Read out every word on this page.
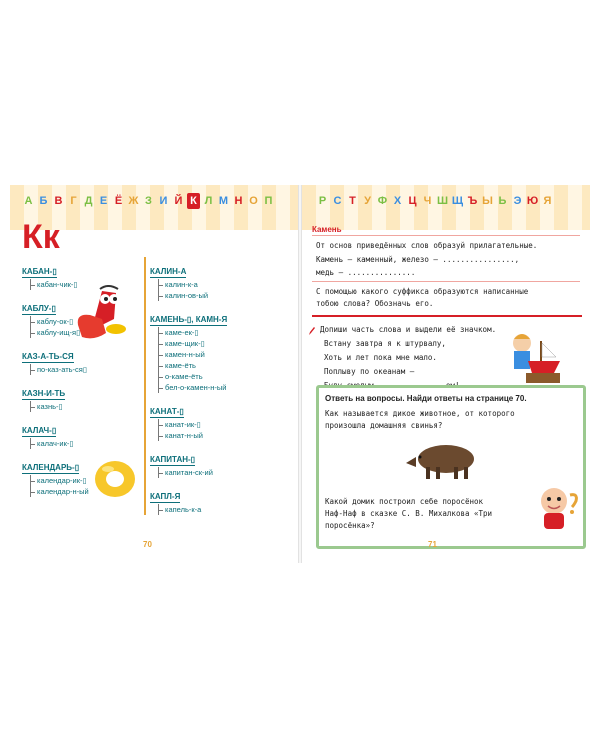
А Б В Г Д Е Ё Ж З И Й К Л М Н О П
Кк
КАБАН-▯
кабан-чик-▯
КАБЛУ-▯
каблу-ок-▯
каблу-ищ-я▯
КАЗ-А-ТЬ-СЯ
по-каз-ать-ся▯
КАЗН-И-ТЬ
казнь-▯
КАЛАЧ-▯
калач-ик-▯
КАЛЕНДАРЬ-▯
календар-ик-▯
календар-н-ый
КАЛИН-А
калин-к-а
калин-ов-ый
КАМЕНЬ-▯, КАМН-Я
каме-ек-▯
каме-щик-▯
камен-н-ый
каме-ёть
о-каме-ёть
бел-о-камен-н-ый
КАНАТ-▯
канат-ик-▯
канат-н-ый
КАПИТАН-▯
капитан-ск-ий
КАПЛ-Я
капель-к-а
70
Р С Т У Ф Х Ц Ч Ш Щ Ъ Ы Ь Э Ю Я
Камень
От основ приведённых слов образуй прилагательные.
Камень — каменный, железо — ................,
медь — ...............
С помощью какого суффикса образуются написанные
тобою слова? Обозначь его.
Допиши часть слова и выдели её значком.
Встану завтра я к штурвалу,
Хоть и лет пока мне мало.
Поплыву по океанам —
Ответь на вопросы. Найди ответы на странице 70.
Как называется дикое животное, от которого
произошла домашняя свинья?
Какой домик построил себе поросёнок
Наф-Наф в сказке С. В. Михалкова «Три
поросёнка»?
71
